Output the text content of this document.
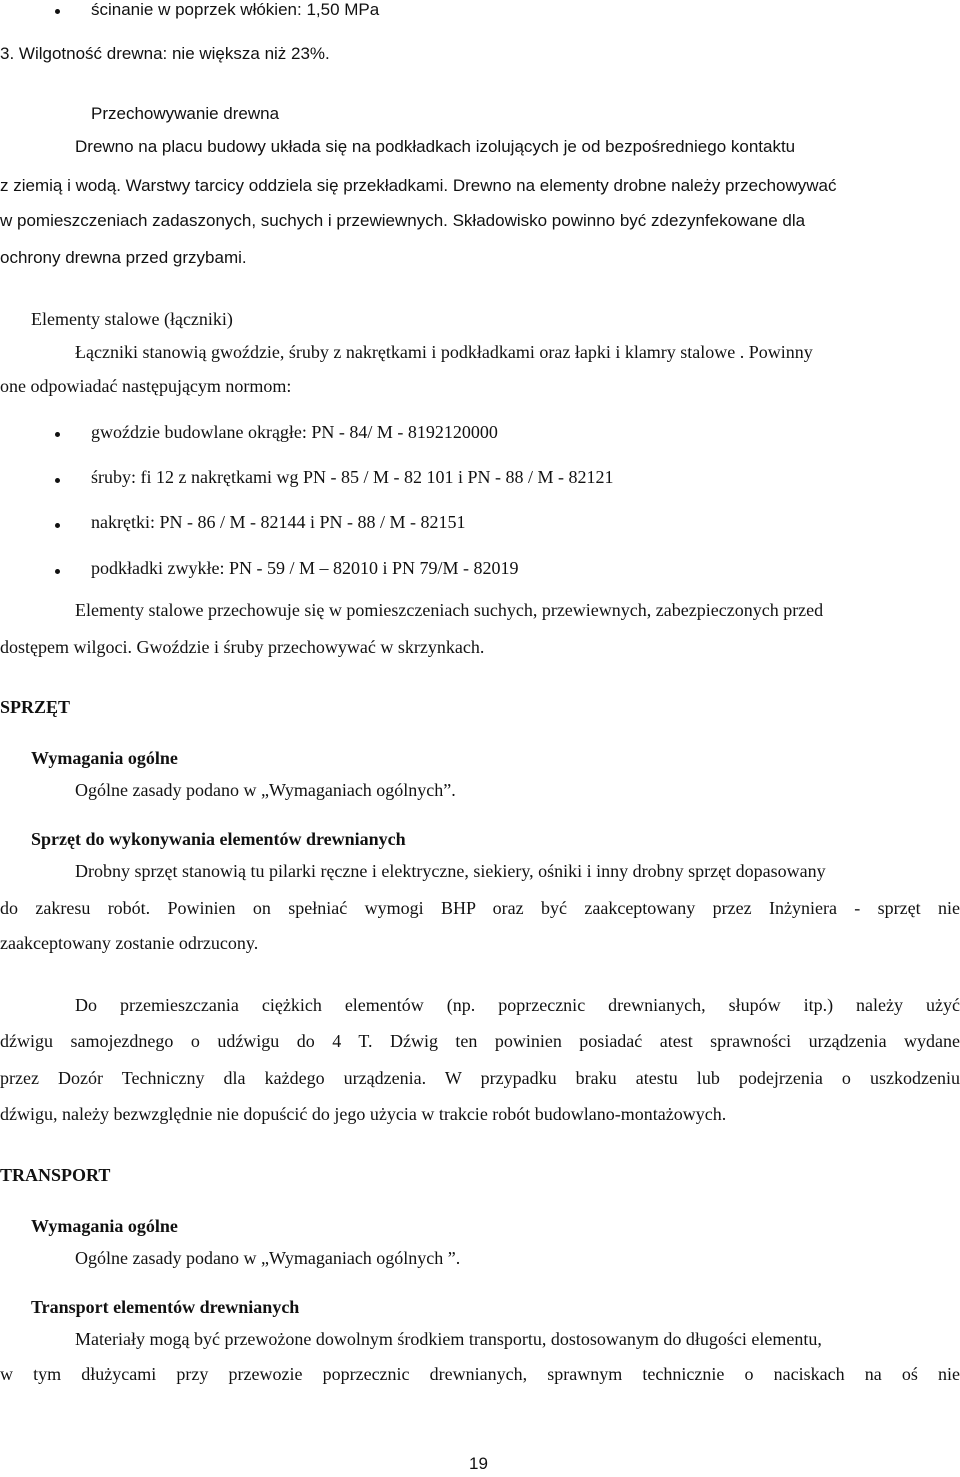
ścinanie w poprzek włókien: 1,50 MPa
3. Wilgotność drewna: nie większa niż 23%.
Przechowywanie drewna
Drewno na placu budowy układa się na podkładkach izolujących je od bezpośredniego kontaktu
z ziemią i wodą. Warstwy tarcicy oddziela się przekładkami. Drewno na elementy drobne należy przechowywać
w pomieszczeniach zadaszonych, suchych i przewiewnych. Składowisko powinno być zdezynfekowane dla
ochrony drewna przed grzybami.
Elementy stalowe (łączniki)
Łączniki stanowią gwoździe, śruby z nakrętkami i podkładkami oraz łapki i klamry stalowe . Powinny
one odpowiadać następującym normom:
gwoździe budowlane okrągłe: PN - 84/ M - 8192120000
śruby: fi 12 z nakrętkami wg PN - 85 / M - 82 101 i PN - 88 / M - 82121
nakrętki: PN - 86 / M - 82144 i PN - 88 / M - 82151
podkładki zwykłe: PN - 59 / M – 82010 i PN 79/M - 82019
Elementy stalowe przechowuje się w pomieszczeniach suchych, przewiewnych, zabezpieczonych przed
dostępem wilgoci. Gwoździe i śruby przechowywać w skrzynkach.
SPRZĘT
Wymagania ogólne
Ogólne zasady podano w „Wymaganiach ogólnych”.
Sprzęt do wykonywania elementów drewnianych
Drobny sprzęt stanowią tu pilarki ręczne i elektryczne, siekiery, ośniki i inny drobny sprzęt dopasowany
do zakresu robót. Powinien on spełniać wymogi BHP oraz być zaakceptowany przez Inżyniera - sprzęt nie
zaakceptowany zostanie odrzucony.
Do przemieszczania ciężkich elementów (np. poprzecznic drewnianych, słupów itp.) należy użyć
dźwigu samojezdnego o udźwigu do 4 T. Dźwig ten powinien posiadać atest sprawności urządzenia wydane
przez Dozór Techniczny dla każdego urządzenia. W przypadku braku atestu lub podejrzenia o uszkodzeniu
dźwigu, należy bezwzględnie nie dopuścić do jego użycia w trakcie robót budowlano-montażowych.
TRANSPORT
Wymagania ogólne
Ogólne zasady podano w „Wymaganiach ogólnych ”.
Transport elementów drewnianych
Materiały mogą być przewożone dowolnym środkiem transportu, dostosowanym do długości elementu,
w tym dłużycami przy przewozie poprzecznic drewnianych, sprawnym technicznie o naciskach na oś nie
19
